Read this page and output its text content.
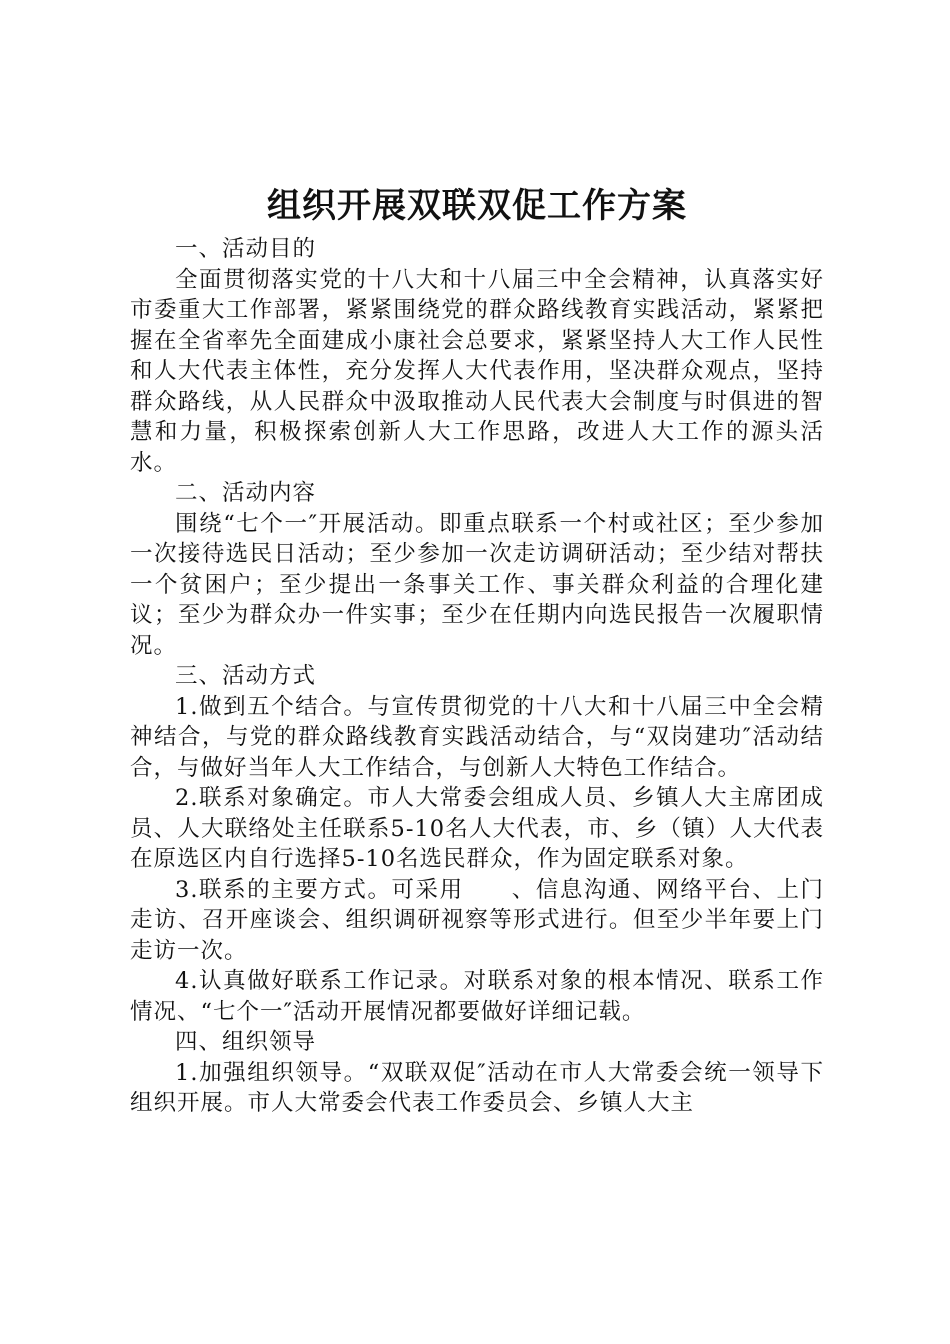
组织开展双联双促工作方案

一、活动目的

全面贯彻落实党的十八大和十八届三中全会精神，认真落实好市委重大工作部署，紧紧围绕党的群众路线教育实践活动，紧紧把握在全省率先全面建成小康社会总要求，紧紧坚持人大工作人民性和人大代表主体性，充分发挥人大代表作用，坚决群众观点，坚持群众路线，从人民群众中汲取推动人民代表大会制度与时俱进的智慧和力量，积极探索创新人大工作思路，改进人大工作的源头活水。

二、活动内容

围绕“七个一″开展活动。即重点联系一个村或社区；至少参加一次接待选民日活动；至少参加一次走访调研活动；至少结对帮扶一个贫困户；至少提出一条事关工作、事关群众利益的合理化建议；至少为群众办一件实事；至少在任期内向选民报告一次履职情况。

三、活动方式

1.做到五个结合。与宣传贯彻党的十八大和十八届三中全会精神结合，与党的群众路线教育实践活动结合，与“双岗建功″活动结合，与做好当年人大工作结合，与创新人大特色工作结合。

2.联系对象确定。市人大常委会组成人员、乡镇人大主席团成员、人大联络处主任联系5-10名人大代表，市、乡（镇）人大代表在原选区内自行选择5-10名选民群众，作为固定联系对象。

3.联系的主要方式。可采用　　、信息沟通、网络平台、上门走访、召开座谈会、组织调研视察等形式进行。但至少半年要上门走访一次。

4.认真做好联系工作记录。对联系对象的根本情况、联系工作情况、“七个一″活动开展情况都要做好详细记载。

四、组织领导

1.加强组织领导。“双联双促″活动在市人大常委会统一领导下组织开展。市人大常委会代表工作委员会、乡镇人大主
